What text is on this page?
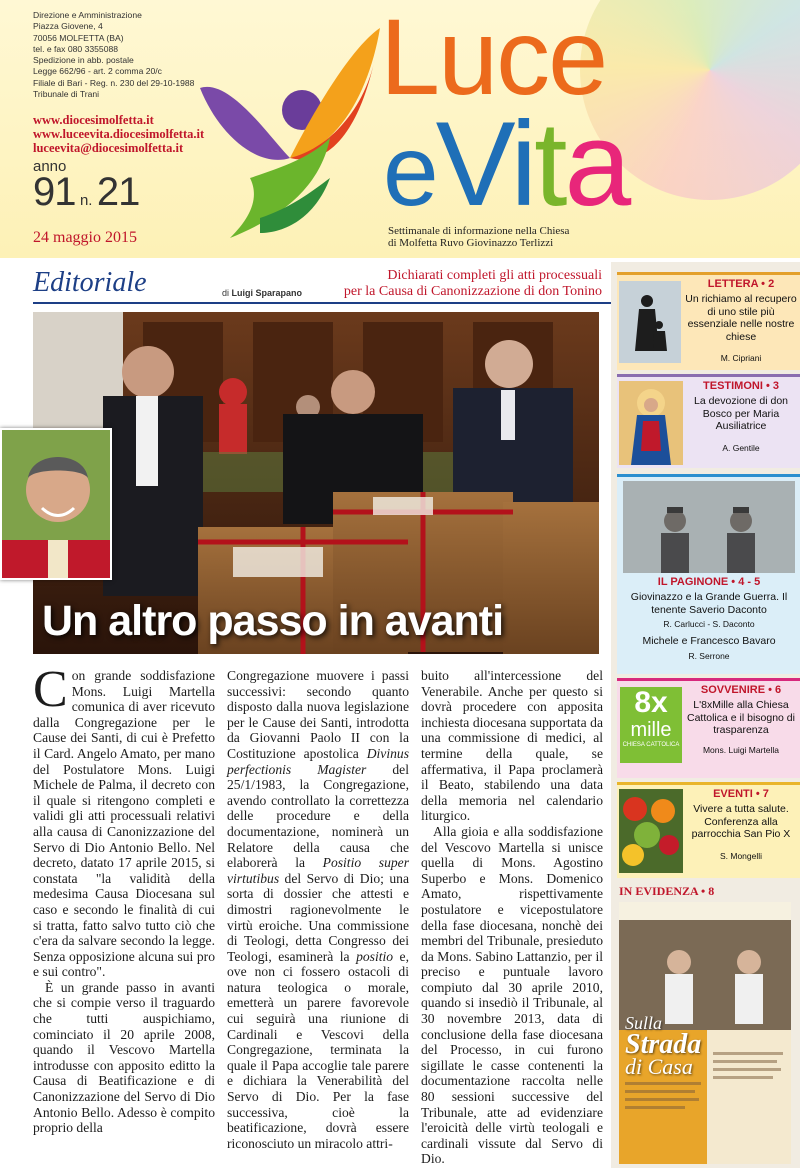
Direzione e Amministrazione
Piazza Giovene, 4
70056 MOLFETTA (BA)
tel. e fax 080 3355088
Spedizione in abb. postale
Legge 662/96 - art. 2 comma 20/c
Filiale di Bari - Reg. n. 230 del 29-10-1988
Tribunale di Trani
www.diocesimolfetta.it
www.luceevita.diocesimolfetta.it
luceevita@diocesimolfetta.it
anno
91 n. 21
24 maggio 2015
Luce
eVita
Settimanale di informazione nella Chiesa
di Molfetta Ruvo Giovinazzo Terlizzi
Editoriale	di Luigi Sparapano
Dichiarati completi gli atti processuali
per la Causa di Canonizzazione di don Tonino
Un altro passo in avanti

Con grande soddisfazione Mons. Luigi Martella comunica di aver ricevuto dalla Congregazione per le Cause dei Santi, di cui è Prefetto il Card. Angelo Amato, per mano del Postulatore Mons. Luigi Michele de Palma, il decreto con il quale si ritengono completi e validi gli atti processuali relativi alla causa di Canonizzazione del Servo di Dio Antonio Bello. Nel decreto, datato 17 aprile 2015, si constata "la validità della medesima Causa Diocesana sul caso e secondo le finalità di cui si tratta, fatto salvo tutto ciò che c'era da salvare secondo la legge. Senza opposizione alcuna sui pro e sui contro".

È un grande passo in avanti che si compie verso il traguardo che tutti auspichiamo, cominciato il 20 aprile 2008, quando il Vescovo Martella introdusse con apposito editto la Causa di Beatificazione e di Canonizzazione del Servo di Dio Antonio Bello. Adesso è compito proprio della

Congregazione muovere i passi successivi: secondo quanto disposto dalla nuova legislazione per le Cause dei Santi, introdotta da Giovanni Paolo II con la Costituzione apostolica Divinus perfectionis Magister del 25/1/1983, la Congregazione, avendo controllato la correttezza delle procedure e della documentazione, nominerà un Relatore della causa che elaborerà la Positio super virtutibus del Servo di Dio; una sorta di dossier che attesti e dimostri ragionevolmente le virtù eroiche. Una commissione di Teologi, detta Congresso dei Teologi, esaminerà la positio e, ove non ci fossero ostacoli di natura teologica o morale, emetterà un parere favorevole cui seguirà una riunione di Cardinali e Vescovi della Congregazione, terminata la quale il Papa accoglie tale parere e dichiara la Venerabilità del Servo di Dio. Per la fase successiva, cioè la beatificazione, dovrà essere riconosciuto un miracolo attri-

buito all'intercessione del Venerabile. Anche per questo si dovrà procedere con apposita inchiesta diocesana supportata da una commissione di medici, al termine della quale, se affermativa, il Papa proclamerà il Beato, stabilendo una data della memoria nel calendario liturgico.

Alla gioia e alla soddisfazione del Vescovo Martella si unisce quella di Mons. Agostino Superbo e Mons. Domenico Amato, rispettivamente postulatore e vicepostulatore della fase diocesana, nonchè dei membri del Tribunale, presieduto da Mons. Sabino Lattanzio, per il preciso e puntuale lavoro compiuto dal 30 aprile 2010, quando si insediò il Tribunale, al 30 novembre 2013, data di conclusione della fase diocesana del Processo, in cui furono sigillate le casse contenenti la documentazione raccolta nelle 80 sessioni successive del Tribunale, atte ad evidenziare l'eroicità delle virtù teologali e cardinali vissute dal Servo di Dio.

LETTERA • 2
Un richiamo al recupero di uno stile più essenziale nelle nostre chiese
M. Cipriani
TESTIMONI • 3
La devozione di don Bosco per Maria Ausiliatrice
A. Gentile
IL PAGINONE • 4 - 5
Giovinazzo e la Grande Guerra. Il tenente Saverio Daconto
R. Carlucci - S. Daconto
Michele e Francesco Bavaro
R. Serrone
8x
mille
CHIESA CATTOLICA
SOVVENIRE • 6
L'8xMille alla Chiesa Cattolica e il bisogno di trasparenza
Mons. Luigi Martella
EVENTI • 7
Vivere a tutta salute. Conferenza alla parrocchia San Pio X
S. Mongelli
IN EVIDENZA • 8
Sulla
Strada
di Casa
